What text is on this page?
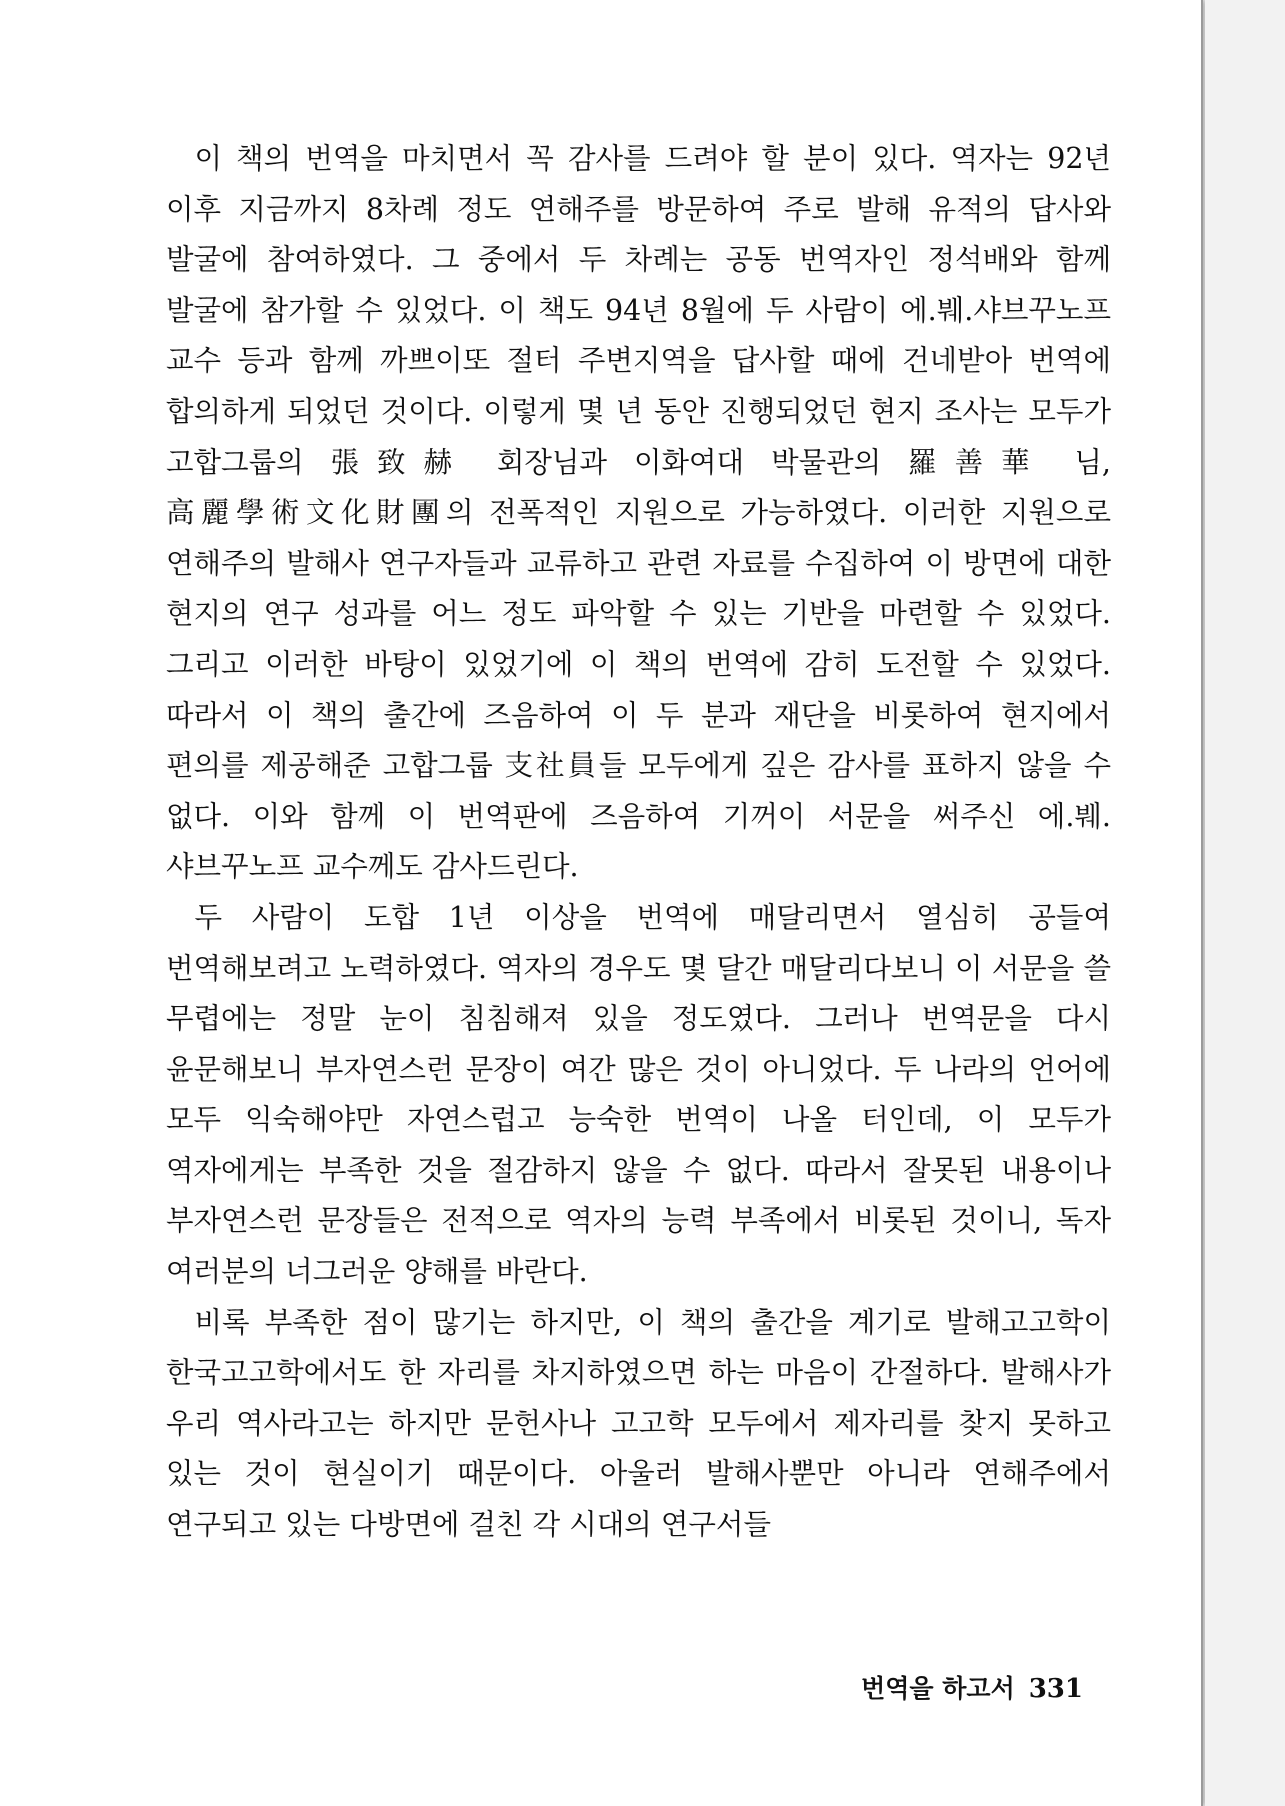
이 책의 번역을 마치면서 꼭 감사를 드려야 할 분이 있다. 역자는 92년 이후 지금까지 8차례 정도 연해주를 방문하여 주로 발해 유적의 답사와 발굴에 참여하였다. 그 중에서 두 차례는 공동 번역자인 정석배와 함께 발굴에 참가할 수 있었다. 이 책도 94년 8월에 두 사람이 에.붸.샤브꾸노프 교수 등과 함께 까쁘이또 절터 주변지역을 답사할 때에 건네받아 번역에 합의하게 되었던 것이다. 이렇게 몇 년 동안 진행되었던 현지 조사는 모두가 고합그룹의 張致赫 회장님과 이화여대 박물관의 羅善華 님, 高麗學術文化財團의 전폭적인 지원으로 가능하였다. 이러한 지원으로 연해주의 발해사 연구자들과 교류하고 관련 자료를 수집하여 이 방면에 대한 현지의 연구 성과를 어느 정도 파악할 수 있는 기반을 마련할 수 있었다. 그리고 이러한 바탕이 있었기에 이 책의 번역에 감히 도전할 수 있었다. 따라서 이 책의 출간에 즈음하여 이 두 분과 재단을 비롯하여 현지에서 편의를 제공해준 고합그룹 支社員들 모두에게 깊은 감사를 표하지 않을 수 없다. 이와 함께 이 번역판에 즈음하여 기꺼이 서문을 써주신 에.붸.샤브꾸노프 교수께도 감사드린다.

두 사람이 도합 1년 이상을 번역에 매달리면서 열심히 공들여 번역해보려고 노력하였다. 역자의 경우도 몇 달간 매달리다보니 이 서문을 쓸 무렵에는 정말 눈이 침침해져 있을 정도였다. 그러나 번역문을 다시 윤문해보니 부자연스런 문장이 여간 많은 것이 아니었다. 두 나라의 언어에 모두 익숙해야만 자연스럽고 능숙한 번역이 나올 터인데, 이 모두가 역자에게는 부족한 것을 절감하지 않을 수 없다. 따라서 잘못된 내용이나 부자연스런 문장들은 전적으로 역자의 능력 부족에서 비롯된 것이니, 독자 여러분의 너그러운 양해를 바란다.

비록 부족한 점이 많기는 하지만, 이 책의 출간을 계기로 발해고고학이 한국고고학에서도 한 자리를 차지하였으면 하는 마음이 간절하다. 발해사가 우리 역사라고는 하지만 문헌사나 고고학 모두에서 제자리를 찾지 못하고 있는 것이 현실이기 때문이다. 아울러 발해사뿐만 아니라 연해주에서 연구되고 있는 다방면에 걸친 각 시대의 연구서들

번역을 하고서 331
